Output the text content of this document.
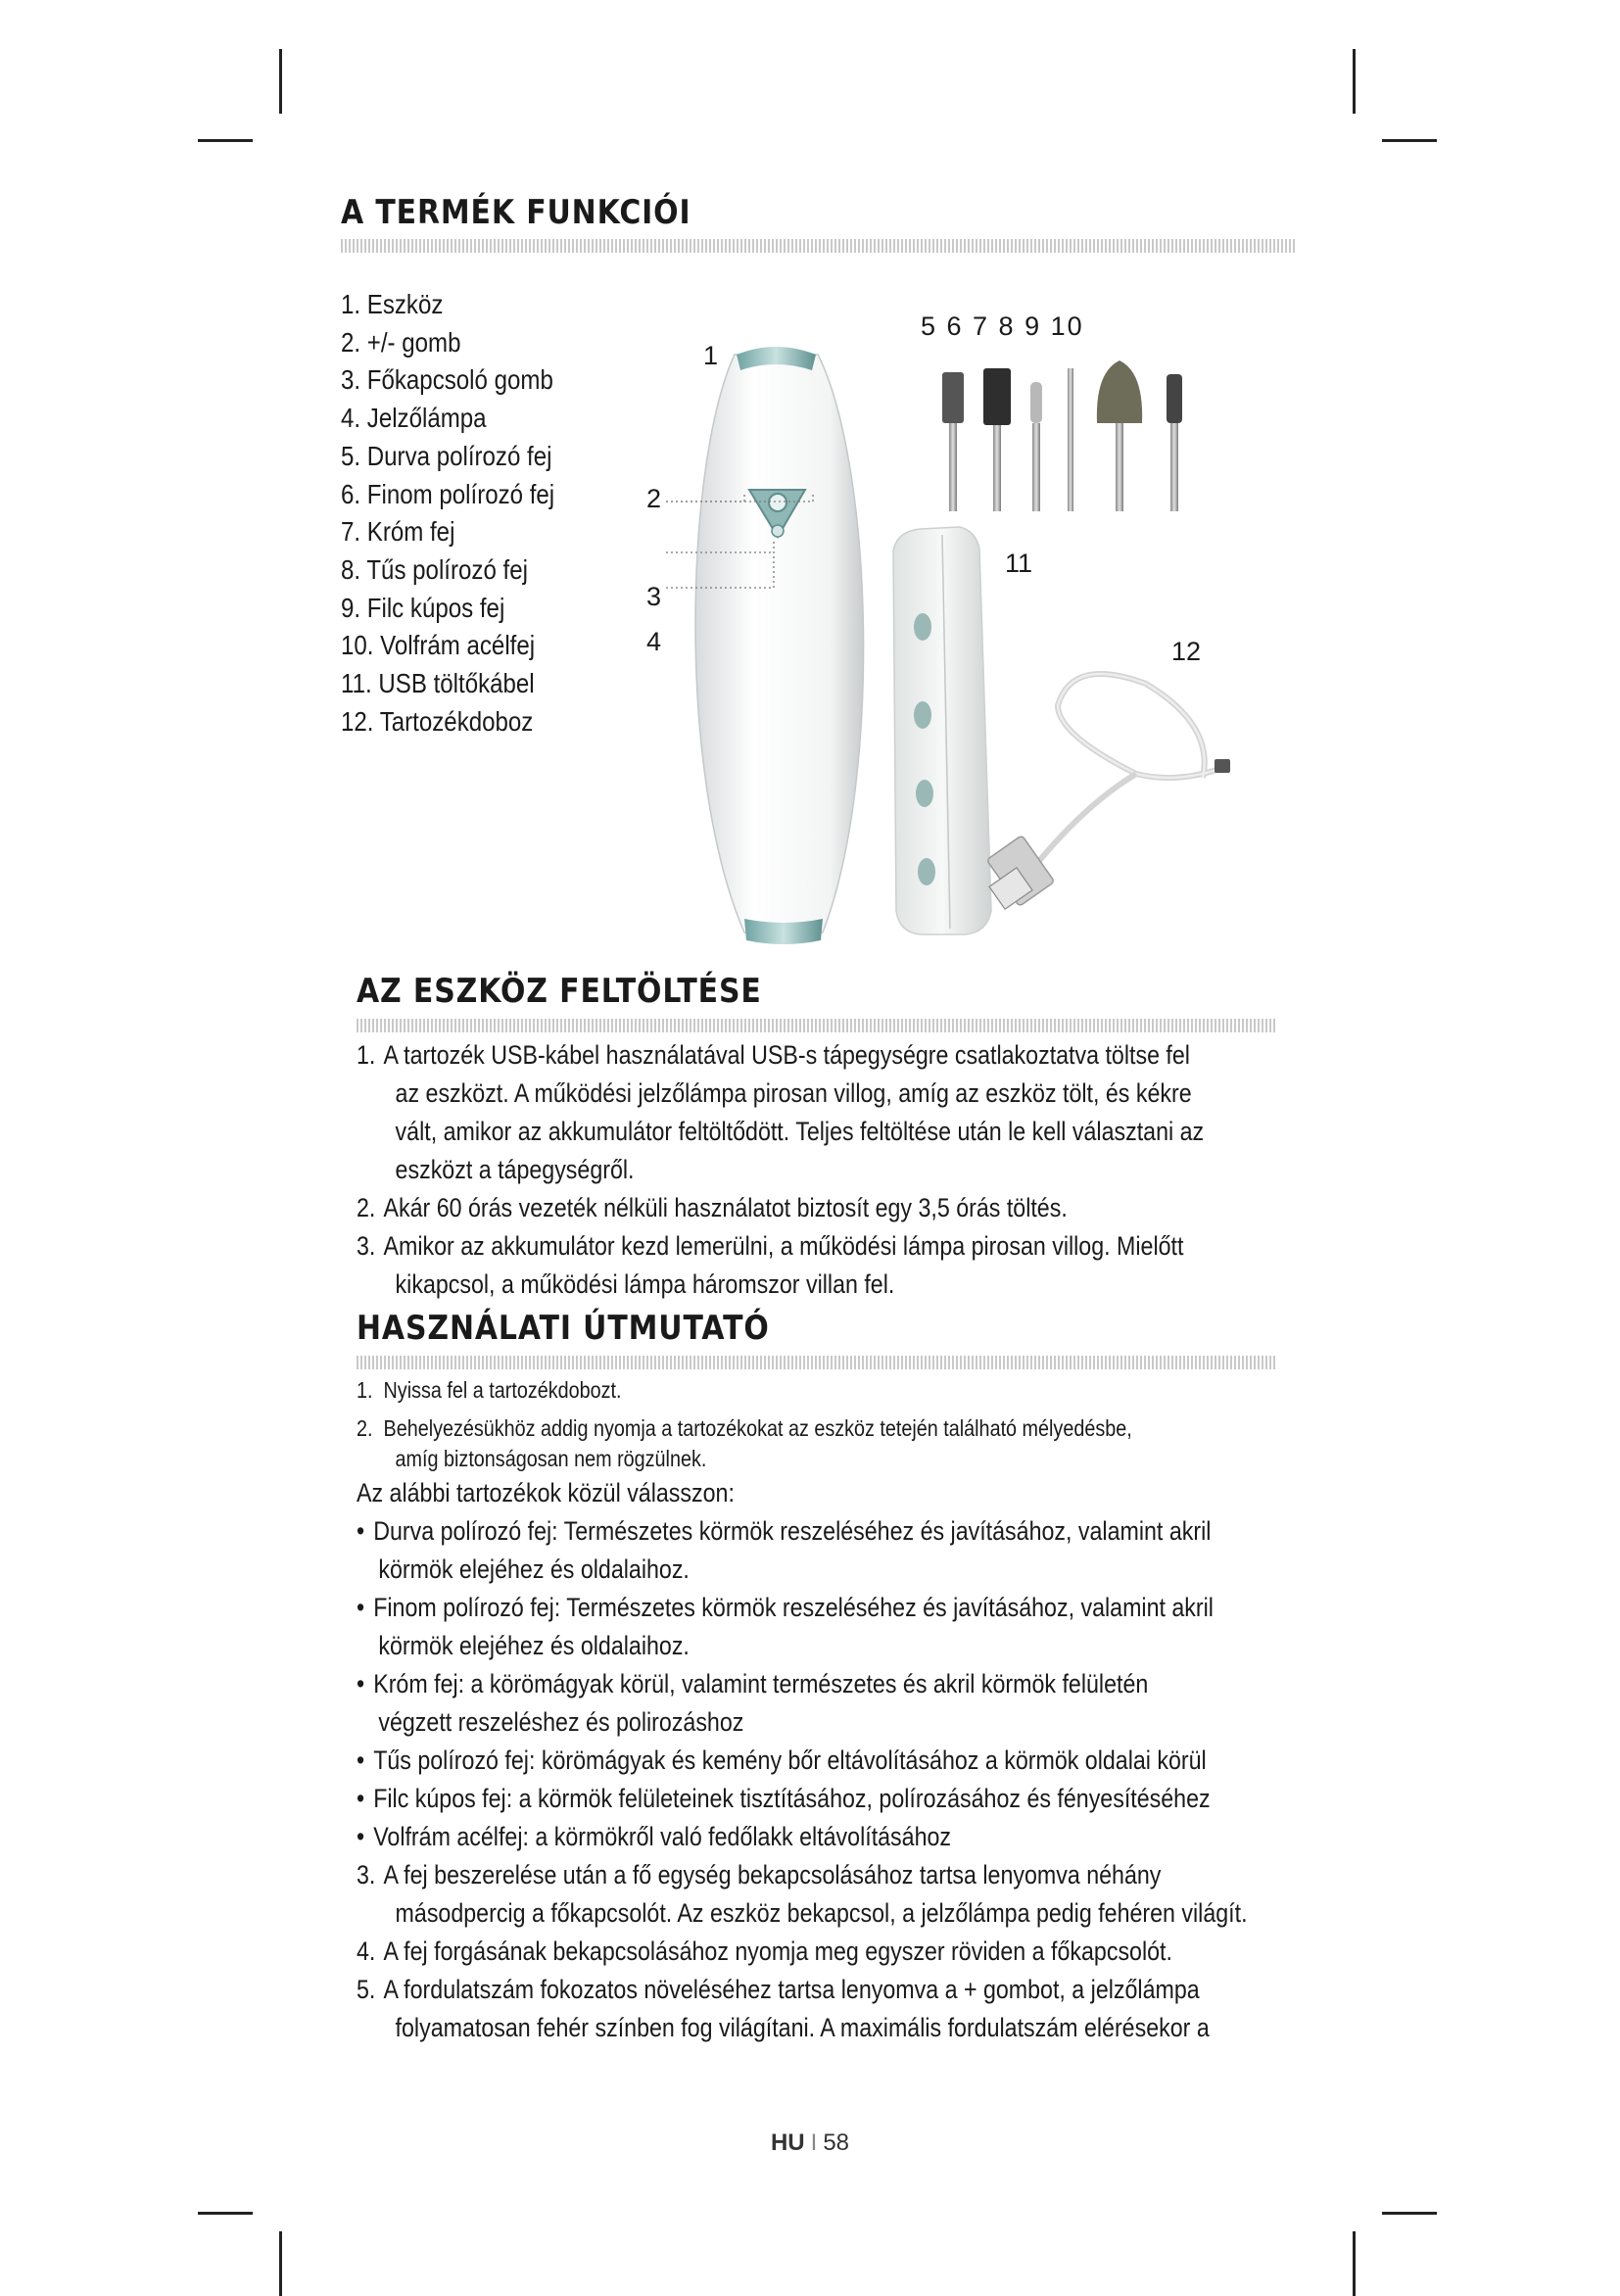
A TERMÉK FUNKCIÓI
1. Eszköz
2. +/- gomb
3. Főkapcsoló gomb
4. Jelzőlámpa
5. Durva polírozó fej
6. Finom polírozó fej
7. Króm fej
8. Tűs polírozó fej
9. Filc kúpos fej
10. Volfrám acélfej
11. USB töltőkábel
12. Tartozékdoboz
1
2
3
4
5 6 7 8 9 10
11
12
AZ ESZKÖZ FELTÖLTÉSE

1. A tartozék USB-kábel használatával USB-s tápegységre csatlakoztatva töltse fel

az eszközt. A működési jelzőlámpa pirosan villog, amíg az eszköz tölt, és kékre

vált, amikor az akkumulátor feltöltődött. Teljes feltöltése után le kell választani az

eszközt a tápegységről.

2. Akár 60 órás vezeték nélküli használatot biztosít egy 3,5 órás töltés.

3. Amikor az akkumulátor kezd lemerülni, a működési lámpa pirosan villog. Mielőtt

kikapcsol, a működési lámpa háromszor villan fel.

HASZNÁLATI ÚTMUTATÓ

1. Nyissa fel a tartozékdobozt.

2. Behelyezésükhöz addig nyomja a tartozékokat az eszköz tetején található mélyedésbe,

amíg biztonságosan nem rögzülnek.

Az alábbi tartozékok közül válasszon:

• Durva polírozó fej: Természetes körmök reszeléséhez és javításához, valamint akril

körmök elejéhez és oldalaihoz.

• Finom polírozó fej: Természetes körmök reszeléséhez és javításához, valamint akril

körmök elejéhez és oldalaihoz.

• Króm fej: a körömágyak körül, valamint természetes és akril körmök felületén

végzett reszeléshez és polirozáshoz

• Tűs polírozó fej: körömágyak és kemény bőr eltávolításához a körmök oldalai körül

• Filc kúpos fej: a körmök felületeinek tisztításához, polírozásához és fényesítéséhez

• Volfrám acélfej: a körmökről való fedőlakk eltávolításához

3. A fej beszerelése után a fő egység bekapcsolásához tartsa lenyomva néhány

másodpercig a főkapcsolót. Az eszköz bekapcsol, a jelzőlámpa pedig fehéren világít.

4. A fej forgásának bekapcsolásához nyomja meg egyszer röviden a főkapcsolót.

5. A fordulatszám fokozatos növeléséhez tartsa lenyomva a + gombot, a jelzőlámpa

folyamatosan fehér színben fog világítani. A maximális fordulatszám elérésekor a

HU I 58
